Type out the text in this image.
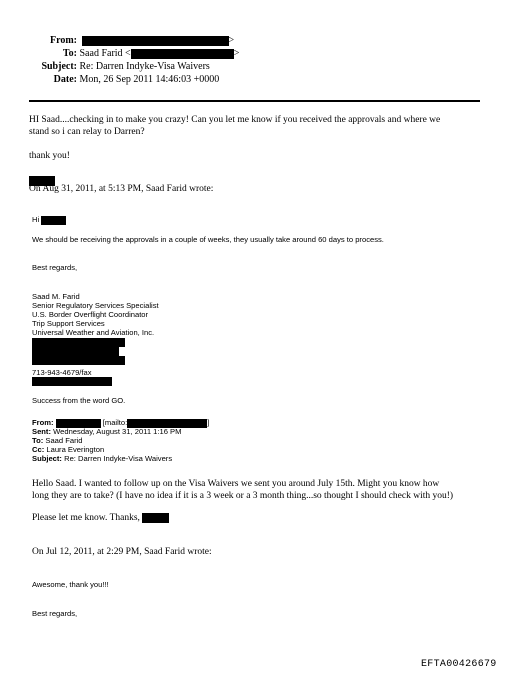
From:	>
To: Saad Farid <	>
Subject: Re: Darren Indyke-Visa Waivers
Date: Mon, 26 Sep 2011 14:46:03 +0000
HI Saad....checking in to make you crazy! Can you let me know if you received the approvals and where we
stand so i can relay to Darren?
thank you!
On Aug 31, 2011, at 5:13 PM, Saad Farid wrote:
Hi
We should be receiving the approvals in a couple of weeks, they usually take around 60 days to process.
Best regards,
Saad M. Farid
Senior Regulatory Services Specialist
U.S. Border Overflight Coordinator
Trip Support Services
Universal Weather and Aviation, Inc.
713-943-4679/fax
Success from the word GO.
From:	[mailto:	]
Sent: Wednesday, August 31, 2011 1:16 PM
To: Saad Farid
Cc: Laura Everington
Subject: Re: Darren Indyke-Visa Waivers
Hello Saad. I wanted to follow up on the Visa Waivers we sent you around July 15th. Might you know how
long they are to take? (I have no idea if it is a 3 week or a 3 month thing...so thought I should check with you!)
Please let me know. Thanks,
On Jul 12, 2011, at 2:29 PM, Saad Farid wrote:
Awesome, thank you!!!
Best regards,
EFTA00426679
